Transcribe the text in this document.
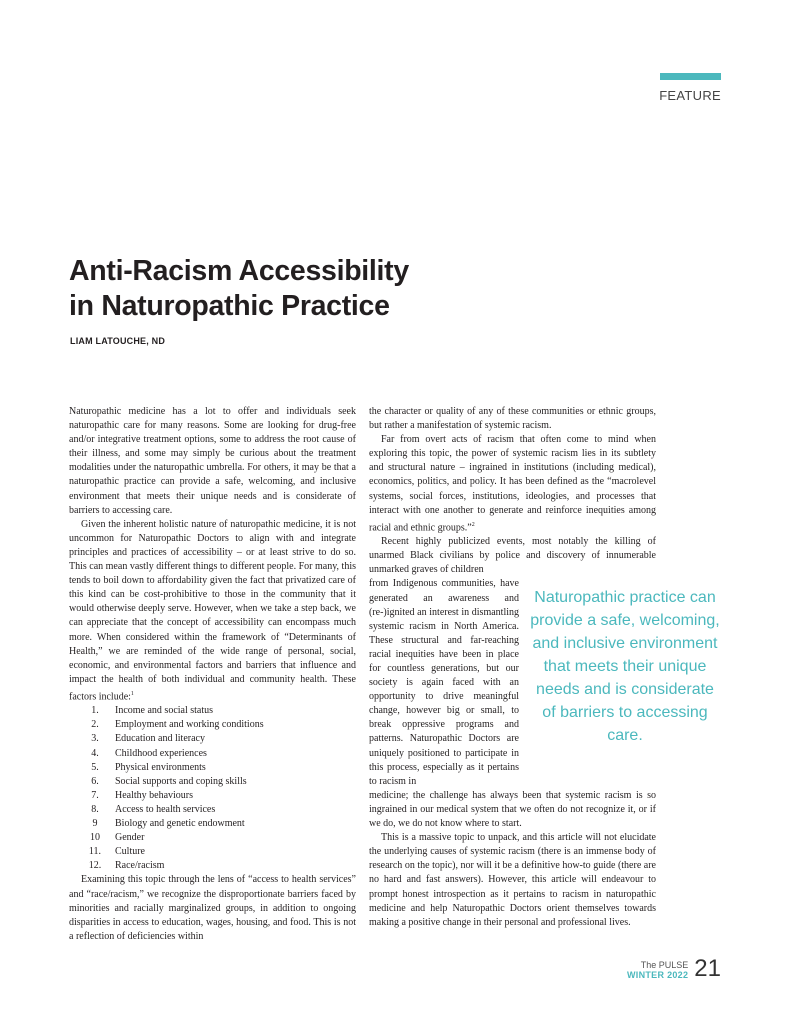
FEATURE
Anti-Racism Accessibility
in Naturopathic Practice
LIAM LATOUCHE, ND

Naturopathic medicine has a lot to offer and individuals seek naturopathic care for many reasons. Some are looking for drug-free and/or integrative treatment options, some to address the root cause of their illness, and some may simply be curious about the treatment modalities under the naturopathic umbrella. For others, it may be that a naturopathic practice can provide a safe, welcoming, and inclusive environment that meets their unique needs and is considerate of barriers to accessing care.

Given the inherent holistic nature of naturopathic medicine, it is not uncommon for Naturopathic Doctors to align with and integrate principles and practices of accessibility – or at least strive to do so. This can mean vastly different things to different people. For many, this tends to boil down to affordability given the fact that privatized care of this kind can be cost-prohibitive to those in the community that it would otherwise deeply serve. However, when we take a step back, we can appreciate that the concept of accessibility can encompass much more. When considered within the framework of “Determinants of Health,” we are reminded of the wide range of personal, social, economic, and environmental factors and barriers that influence and impact the health of both individual and community health. These factors include:$^1$

1.	Income and social status
2.	Employment and working conditions
3.	Education and literacy
4.	Childhood experiences
5.	Physical environments
6.	Social supports and coping skills
7.	Healthy behaviours
8.	Access to health services
9	Biology and genetic endowment
10	Gender
11.	Culture
12.	Race/racism

Examining this topic through the lens of “access to health services” and “race/racism,” we recognize the disproportionate barriers faced by minorities and racially marginalized groups, in addition to ongoing disparities in access to education, wages, housing, and food. This is not a reflection of deficiencies within

the character or quality of any of these communities or ethnic groups, but rather a manifestation of systemic racism.

Far from overt acts of racism that often come to mind when exploring this topic, the power of systemic racism lies in its subtlety and structural nature – ingrained in institutions (including medical), economics, politics, and policy. It has been defined as the “macrolevel systems, social forces, institutions, ideologies, and processes that interact with one another to generate and reinforce inequities among racial and ethnic groups.”$^2$

Recent highly publicized events, most notably the killing of unarmed Black civilians by police and discovery of innumerable unmarked graves of children

from Indigenous communities, have generated an awareness and (re-)ignited an interest in dismantling systemic racism in North America. These structural and far-reaching racial inequities have been in place for countless generations, but our society is again faced with an opportunity to drive meaningful change, however big or small, to break oppressive programs and patterns. Naturopathic Doctors are uniquely positioned to participate in this process, especially as it pertains to racism in

medicine; the challenge has always been that systemic racism is so ingrained in our medical system that we often do not recognize it, or if we do, we do not know where to start.

This is a massive topic to unpack, and this article will not elucidate the underlying causes of systemic racism (there is an immense body of research on the topic), nor will it be a definitive how-to guide (there are no hard and fast answers). However, this article will endeavour to prompt honest introspection as it pertains to racism in naturopathic medicine and help Naturopathic Doctors orient themselves towards making a positive change in their personal and professional lives.

Naturopathic practice can provide a safe, welcoming, and inclusive environment that meets their unique needs and is considerate of barriers to accessing care.
The PULSE
WINTER 2022 21
